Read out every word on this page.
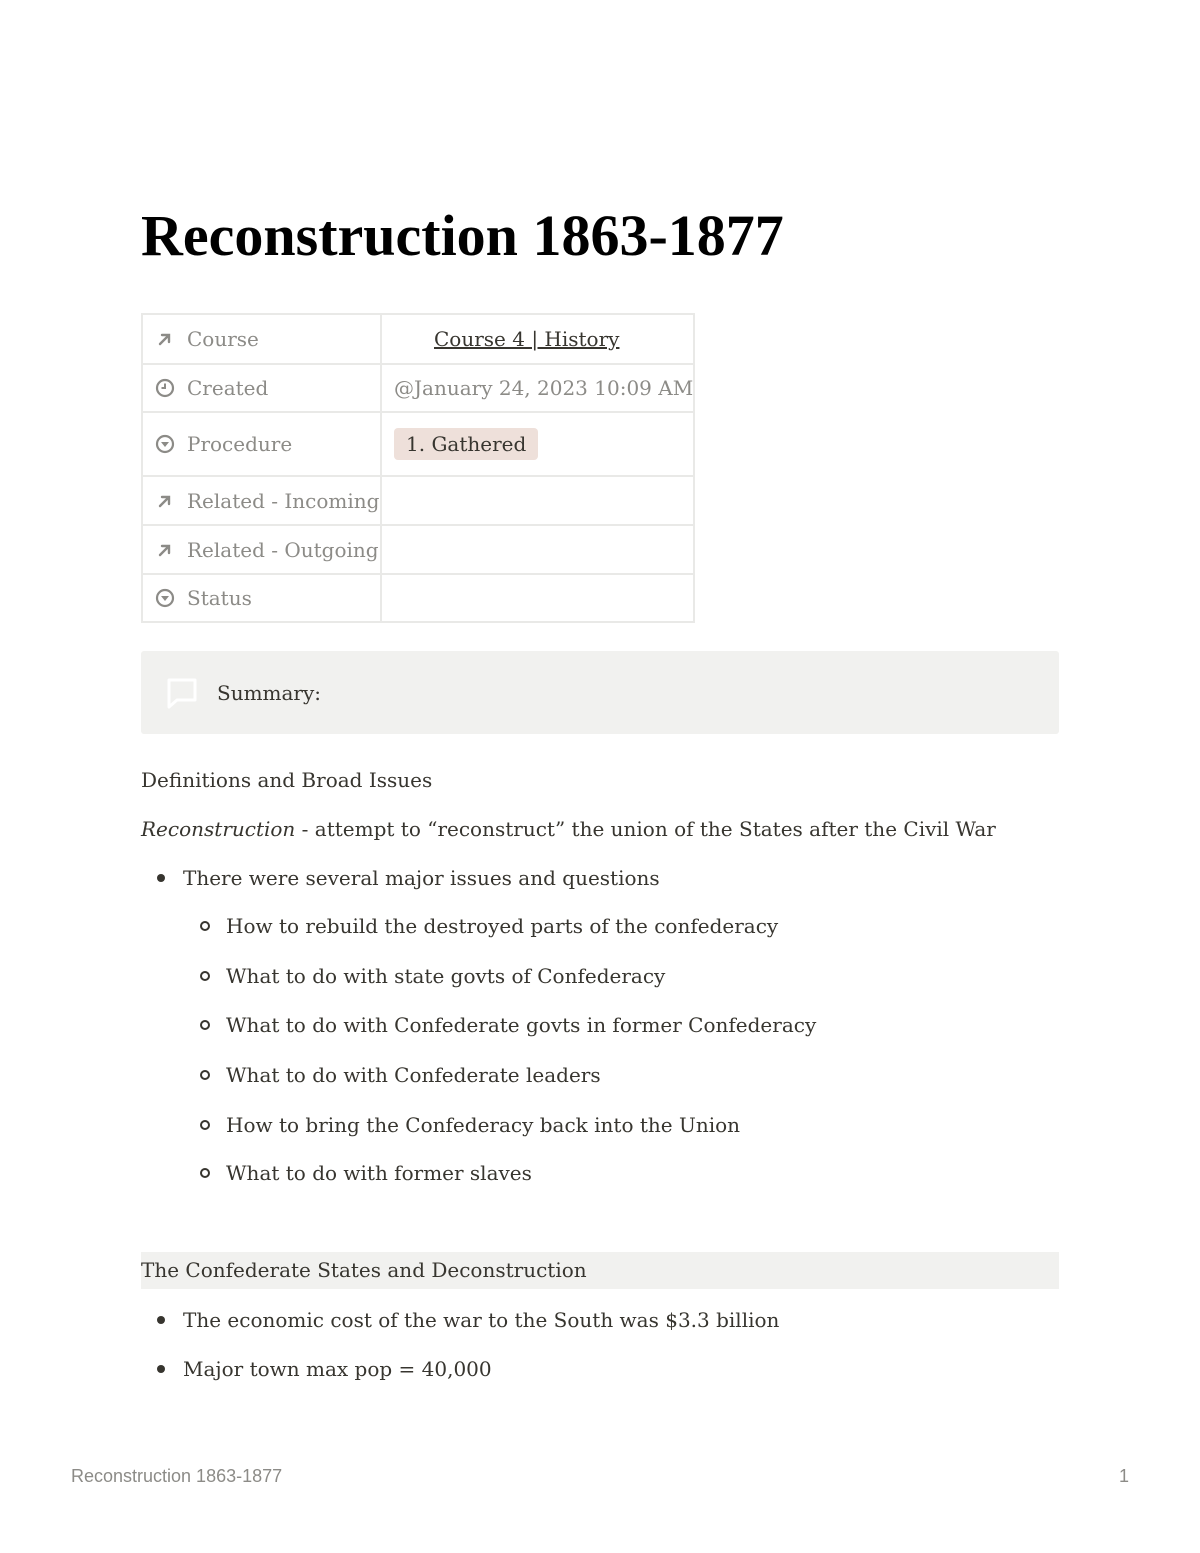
Reconstruction 1863-1877
Course	Course 4 | History

Created	@January 24, 2023 10:09 AM

Procedure	1. Gathered

Related - Incoming	

Related - Outgoing	

Status	

Summary:
Definitions and Broad Issues
Reconstruction - attempt to “reconstruct” the union of the States after the Civil War
There were several major issues and questions
How to rebuild the destroyed parts of the confederacy
What to do with state govts of Confederacy
What to do with Confederate govts in former Confederacy
What to do with Confederate leaders
How to bring the Confederacy back into the Union
What to do with former slaves
The Confederate States and Deconstruction
The economic cost of the war to the South was $3.3 billion
Major town max pop = 40,000
Reconstruction 1863-1877	1
